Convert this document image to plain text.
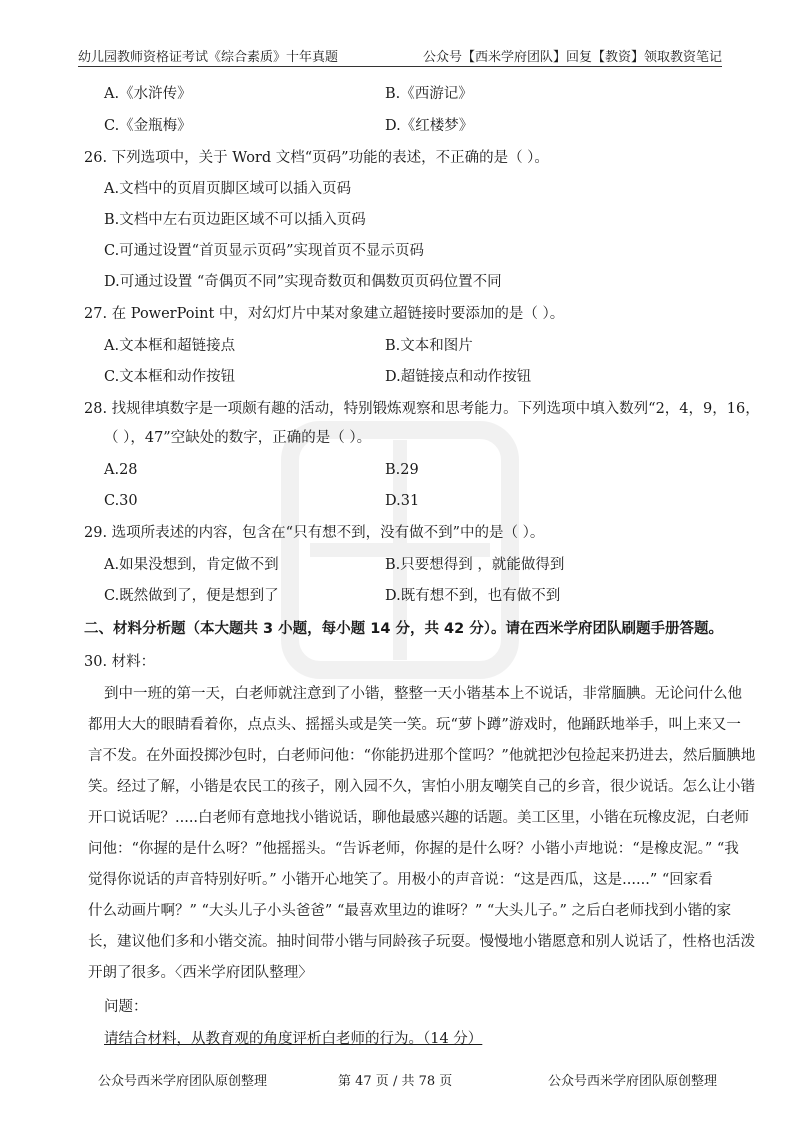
幼儿园教师资格证考试《综合素质》十年真题	公众号【西米学府团队】回复【教资】领取教资笔记
A.《水浒传》	B.《西游记》
C.《金瓶梅》	D.《红楼梦》
26. 下列选项中，关于 Word 文档“页码”功能的表述，不正确的是（ ）。
A.文档中的页眉页脚区域可以插入页码
B.文档中左右页边距区域不可以插入页码
C.可通过设置“首页显示页码”实现首页不显示页码
D.可通过设置 “奇偶页不同”实现奇数页和偶数页页码位置不同
27. 在 PowerPoint 中，对幻灯片中某对象建立超链接时要添加的是（ ）。
A.文本框和超链接点	B.文本和图片
C.文本框和动作按钮	D.超链接点和动作按钮
28. 找规律填数字是一项颇有趣的活动，特别锻炼观察和思考能力。下列选项中填入数列“2，4，9，16，
（ ），47”空缺处的数字，正确的是（ ）。
A.28	B.29
C.30	D.31
29. 选项所表述的内容，包含在“只有想不到，没有做不到”中的是（ ）。
A.如果没想到，肯定做不到	B.只要想得到 ，就能做得到
C.既然做到了，便是想到了	D.既有想不到，也有做不到
二、材料分析题（本大题共 3 小题，每小题 14 分，共 42 分）。请在西米学府团队刷题手册答题。
30. 材料：
到中一班的第一天，白老师就注意到了小锴，整整一天小锴基本上不说话，非常腼腆。无论问什么他
都用大大的眼睛看着你，点点头、摇摇头或是笑一笑。玩“萝卜蹲”游戏时，他踊跃地举手，叫上来又一
言不发。在外面投掷沙包时，白老师问他：“你能扔进那个筐吗？”他就把沙包捡起来扔进去，然后腼腆地
笑。经过了解，小锴是农民工的孩子，刚入园不久，害怕小朋友嘲笑自己的乡音，很少说话。怎么让小锴
开口说话呢？.....白老师有意地找小锴说话，聊他最感兴趣的话题。美工区里，小锴在玩橡皮泥，白老师
问他：“你握的是什么呀？”他摇摇头。“告诉老师，你握的是什么呀？小锴小声地说：“是橡皮泥。” “我
觉得你说话的声音特别好听。” 小锴开心地笑了。用极小的声音说：“这是西瓜，这是......” “回家看
什么动画片啊？” “大头儿子小头爸爸” “最喜欢里边的谁呀？” “大头儿子。” 之后白老师找到小锴的家
长，建议他们多和小锴交流。抽时间带小锴与同龄孩子玩耍。慢慢地小锴愿意和别人说话了，性格也活泼
开朗了很多。〈西米学府团队整理〉
问题：
请结合材料，从教育观的角度评析白老师的行为。（14 分）
公众号西米学府团队原创整理	第 47 页 / 共 78 页	公众号西米学府团队原创整理
